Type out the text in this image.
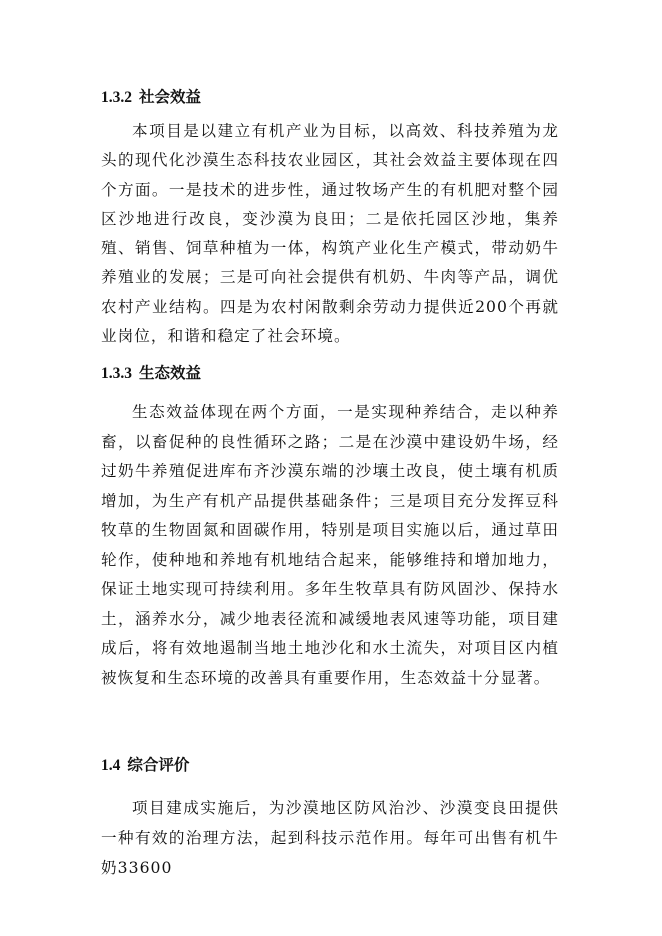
1.3.2 社会效益

本项目是以建立有机产业为目标，以高效、科技养殖为龙头的现代化沙漠生态科技农业园区，其社会效益主要体现在四个方面。一是技术的进步性，通过牧场产生的有机肥对整个园区沙地进行改良，变沙漠为良田；二是依托园区沙地，集养殖、销售、饲草种植为一体，构筑产业化生产模式，带动奶牛养殖业的发展；三是可向社会提供有机奶、牛肉等产品，调优农村产业结构。四是为农村闲散剩余劳动力提供近200个再就业岗位，和谐和稳定了社会环境。

1.3.3 生态效益

生态效益体现在两个方面，一是实现种养结合，走以种养畜，以畜促种的良性循环之路；二是在沙漠中建设奶牛场，经过奶牛养殖促进库布齐沙漠东端的沙壤土改良，使土壤有机质增加，为生产有机产品提供基础条件；三是项目充分发挥豆科牧草的生物固氮和固碳作用，特别是项目实施以后，通过草田轮作，使种地和养地有机地结合起来，能够维持和增加地力，保证土地实现可持续利用。多年生牧草具有防风固沙、保持水土，涵养水分，减少地表径流和减缓地表风速等功能，项目建成后，将有效地遏制当地土地沙化和水土流失，对项目区内植被恢复和生态环境的改善具有重要作用，生态效益十分显著。

1.4 综合评价

项目建成实施后，为沙漠地区防风治沙、沙漠变良田提供一种有效的治理方法，起到科技示范作用。每年可出售有机牛奶33600
